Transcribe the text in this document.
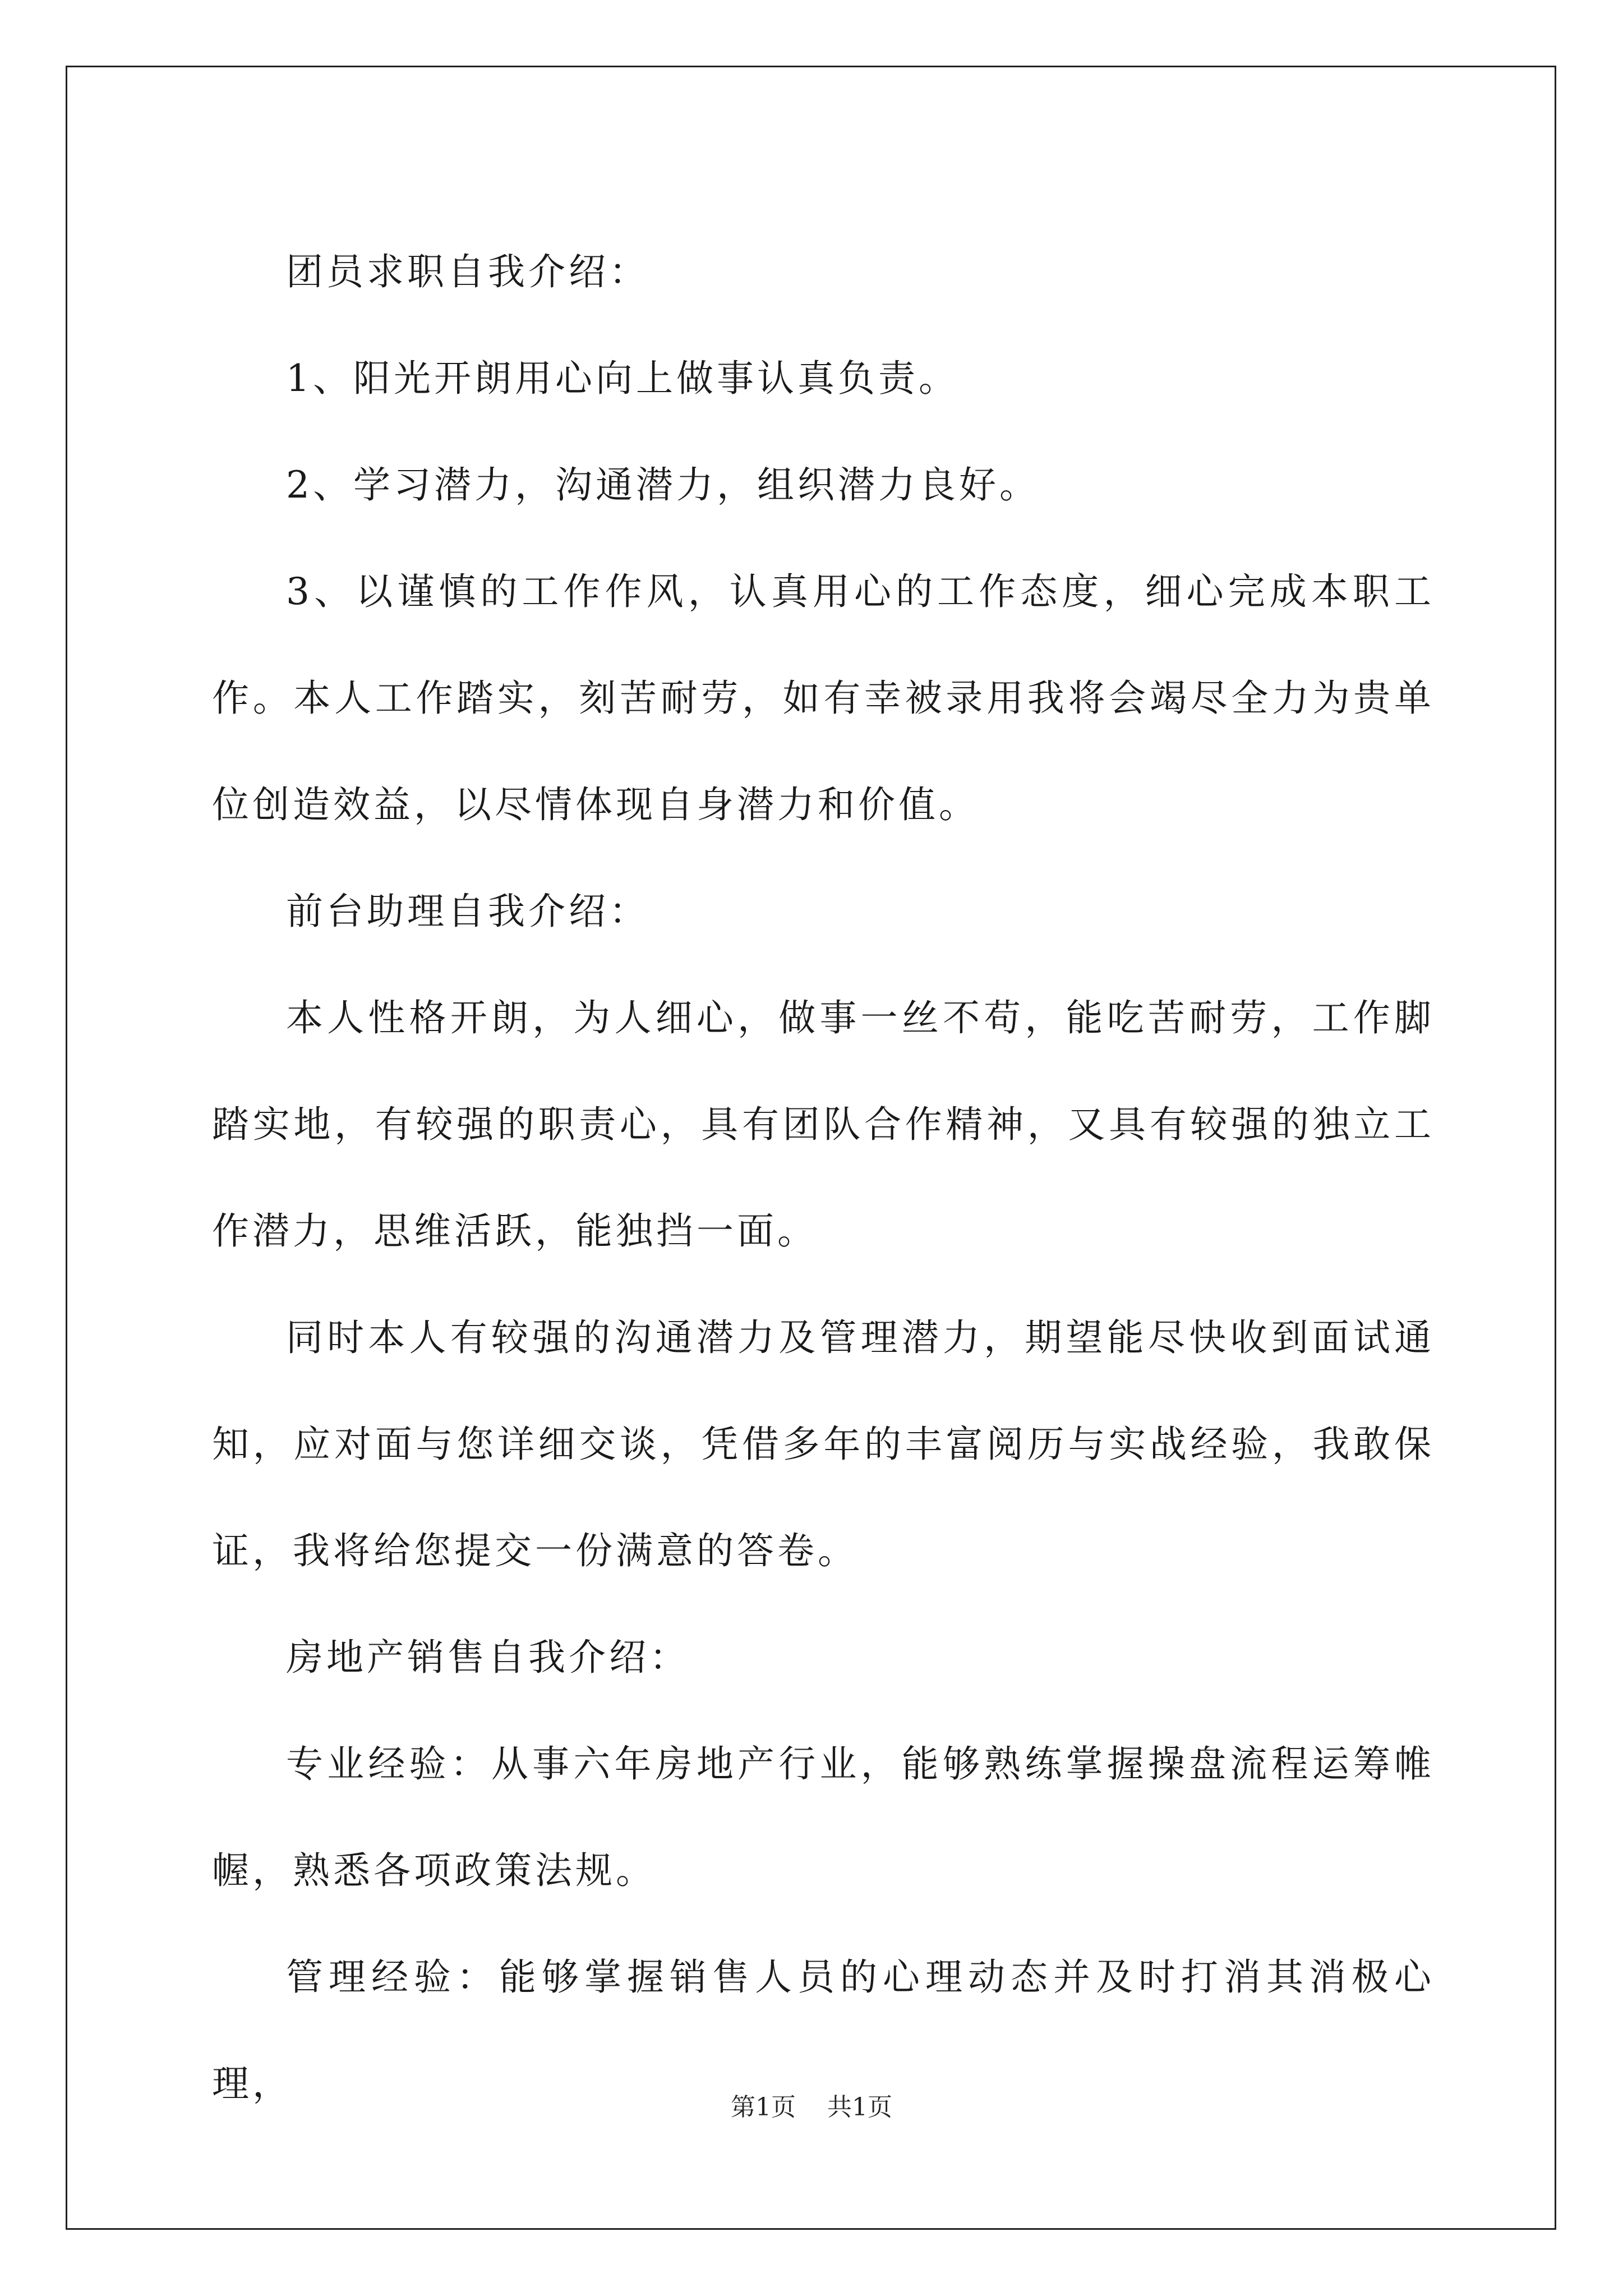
团员求职自我介绍：

1、阳光开朗用心向上做事认真负责。

2、学习潜力，沟通潜力，组织潜力良好。

3、以谨慎的工作作风，认真用心的工作态度，细心完成本职工作。本人工作踏实，刻苦耐劳，如有幸被录用我将会竭尽全力为贵单位创造效益，以尽情体现自身潜力和价值。

前台助理自我介绍：

本人性格开朗，为人细心，做事一丝不苟，能吃苦耐劳，工作脚踏实地，有较强的职责心，具有团队合作精神，又具有较强的独立工作潜力，思维活跃，能独挡一面。

同时本人有较强的沟通潜力及管理潜力，期望能尽快收到面试通知，应对面与您详细交谈，凭借多年的丰富阅历与实战经验，我敢保证，我将给您提交一份满意的答卷。

房地产销售自我介绍：

专业经验：从事六年房地产行业，能够熟练掌握操盘流程运筹帷幄，熟悉各项政策法规。

管理经验：能够掌握销售人员的心理动态并及时打消其消极心理，

第1页 共1页
